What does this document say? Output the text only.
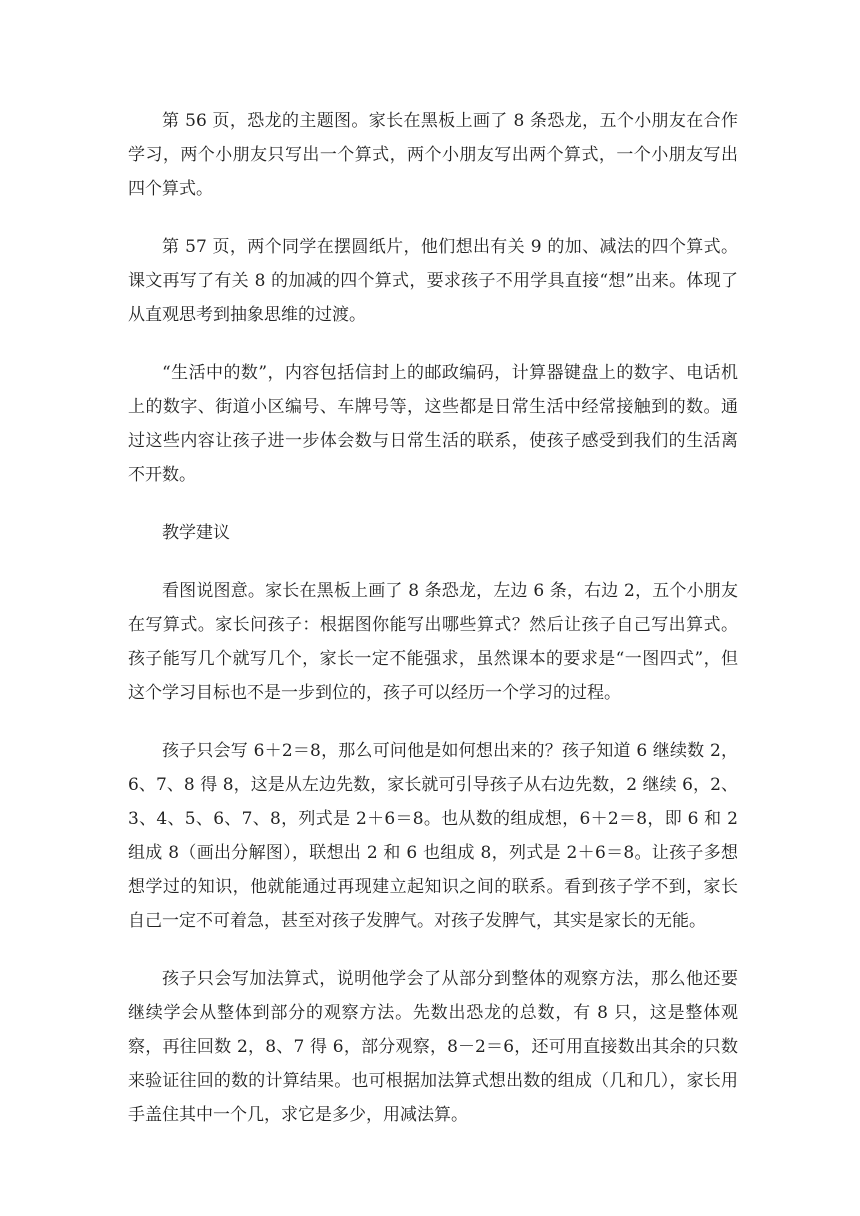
第 56 页，恐龙的主题图。家长在黑板上画了 8 条恐龙，五个小朋友在合作学习，两个小朋友只写出一个算式，两个小朋友写出两个算式，一个小朋友写出四个算式。

第 57 页，两个同学在摆圆纸片，他们想出有关 9 的加、减法的四个算式。课文再写了有关 8 的加减的四个算式，要求孩子不用学具直接“想”出来。体现了从直观思考到抽象思维的过渡。

“生活中的数”，内容包括信封上的邮政编码，计算器键盘上的数字、电话机上的数字、街道小区编号、车牌号等，这些都是日常生活中经常接触到的数。通过这些内容让孩子进一步体会数与日常生活的联系，使孩子感受到我们的生活离不开数。

教学建议

看图说图意。家长在黑板上画了 8 条恐龙，左边 6 条，右边 2，五个小朋友在写算式。家长问孩子：根据图你能写出哪些算式？然后让孩子自己写出算式。孩子能写几个就写几个，家长一定不能强求，虽然课本的要求是“一图四式”，但这个学习目标也不是一步到位的，孩子可以经历一个学习的过程。

孩子只会写 6＋2＝8，那么可问他是如何想出来的？孩子知道 6 继续数 2，6、7、8 得 8，这是从左边先数，家长就可引导孩子从右边先数，2 继续 6，2、3、4、5、6、7、8，列式是 2＋6＝8。也从数的组成想，6＋2＝8，即 6 和 2 组成 8（画出分解图），联想出 2 和 6 也组成 8，列式是 2＋6＝8。让孩子多想想学过的知识，他就能通过再现建立起知识之间的联系。看到孩子学不到，家长自己一定不可着急，甚至对孩子发脾气。对孩子发脾气，其实是家长的无能。

孩子只会写加法算式，说明他学会了从部分到整体的观察方法，那么他还要继续学会从整体到部分的观察方法。先数出恐龙的总数，有 8 只，这是整体观察，再往回数 2，8、7 得 6，部分观察，8－2＝6，还可用直接数出其余的只数来验证往回的数的计算结果。也可根据加法算式想出数的组成（几和几），家长用手盖住其中一个几，求它是多少，用减法算。
